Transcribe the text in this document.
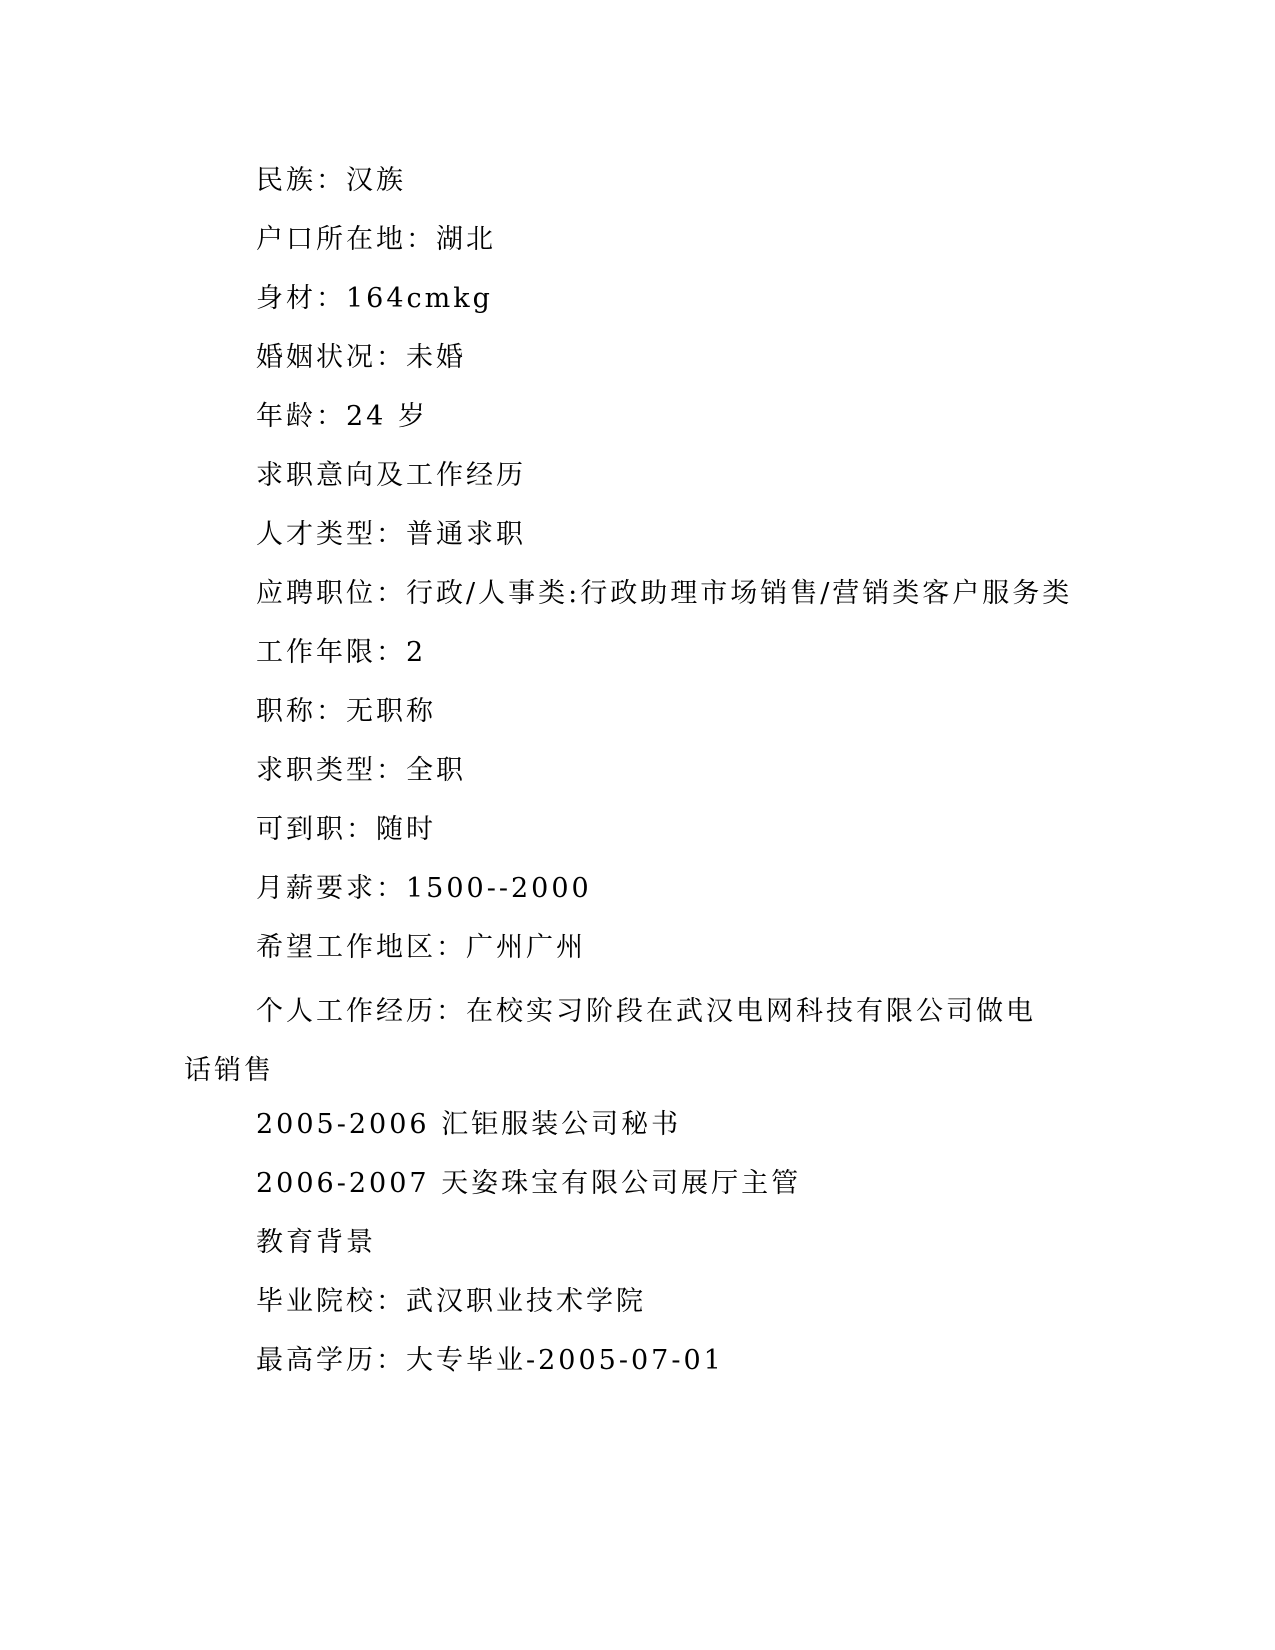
民族：汉族
户口所在地：湖北
身材：164cmkg
婚姻状况：未婚
年龄：24 岁
求职意向及工作经历
人才类型：普通求职
应聘职位：行政/人事类:行政助理市场销售/营销类客户服务类
工作年限：2
职称：无职称
求职类型：全职
可到职：随时
月薪要求：1500--2000
希望工作地区：广州广州
个人工作经历：在校实习阶段在武汉电网科技有限公司做电话销售
2005-2006 汇钜服装公司秘书
2006-2007 天姿珠宝有限公司展厅主管
教育背景
毕业院校：武汉职业技术学院
最高学历：大专毕业-2005-07-01
